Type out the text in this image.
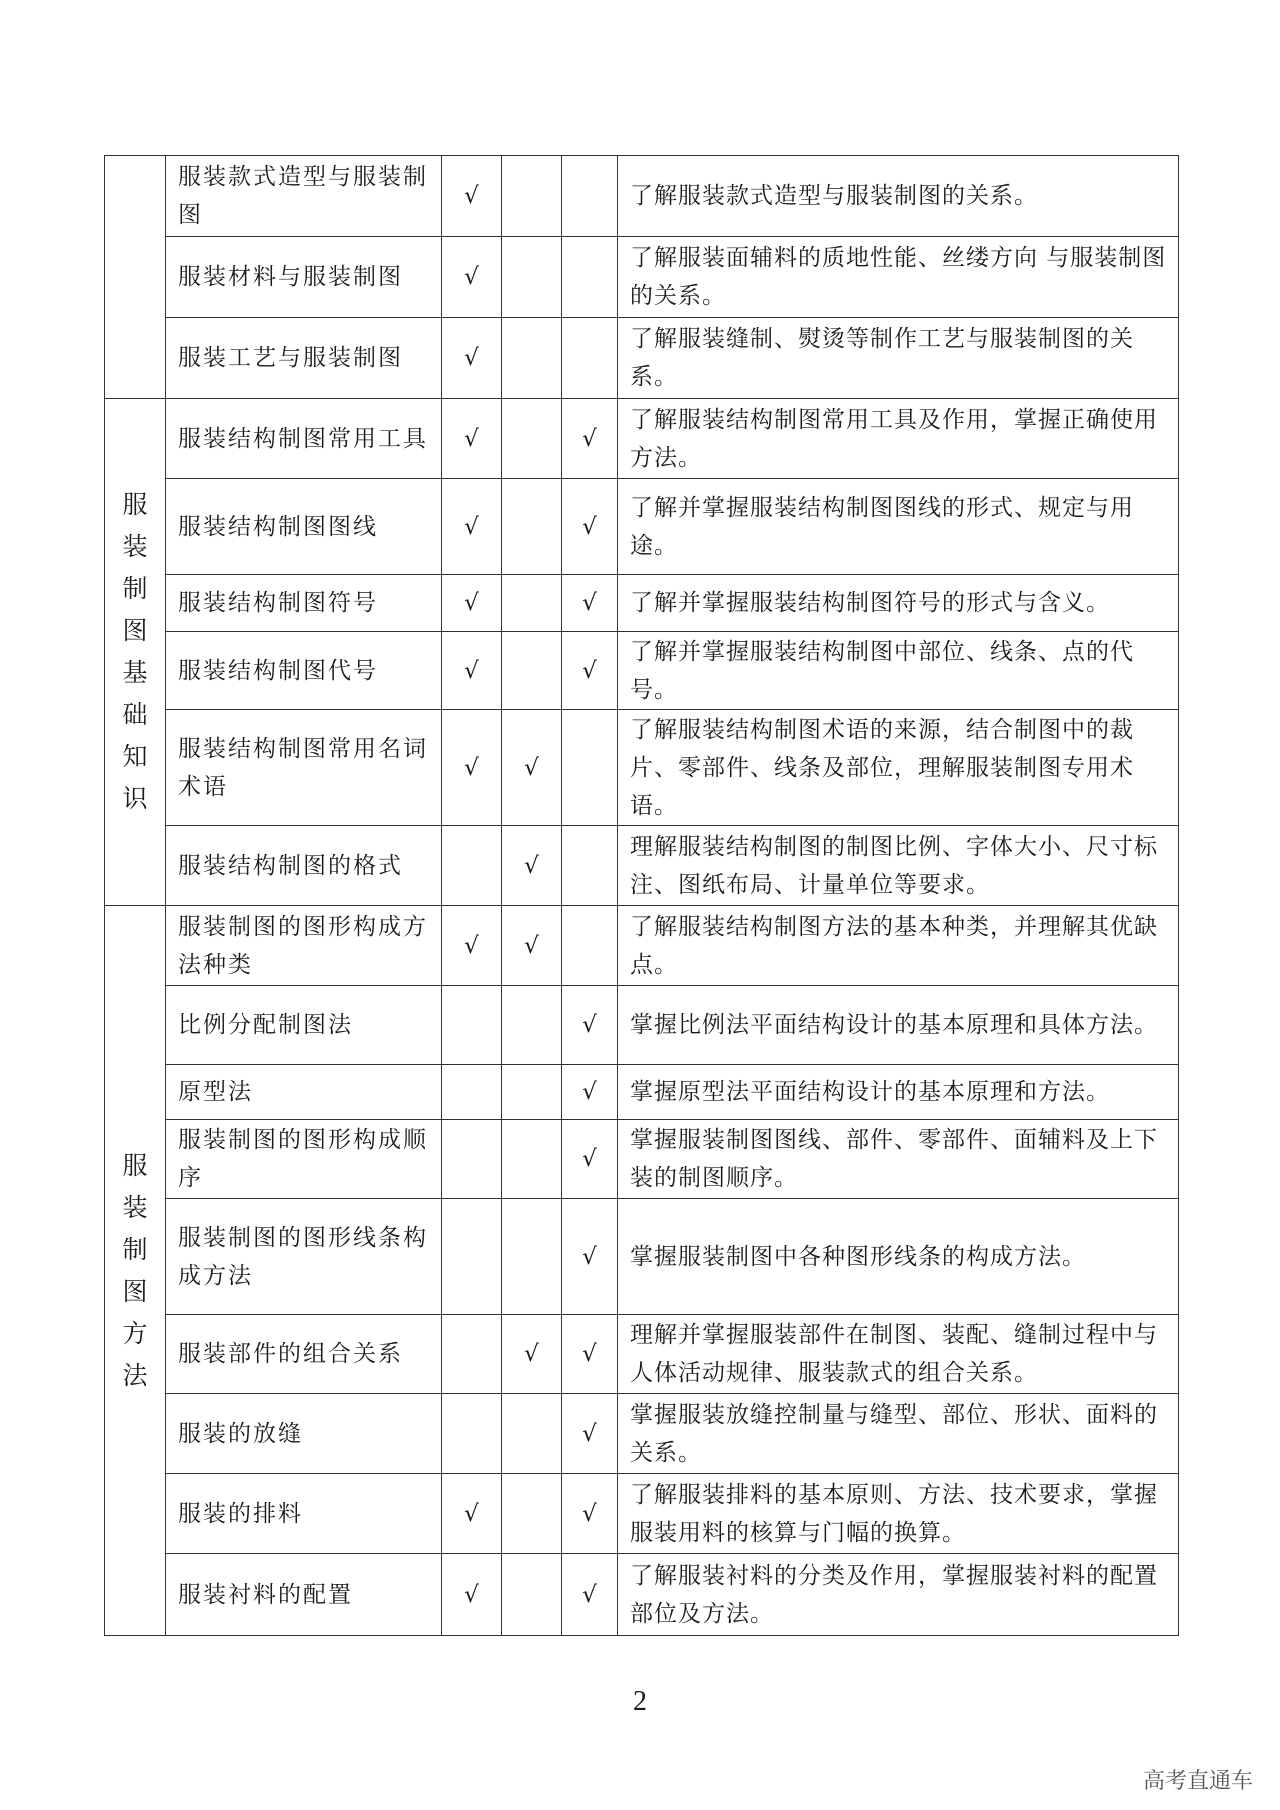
	服装款式造型与服装制图	√			了解服装款式造型与服装制图的关系。
	服装材料与服装制图	√			了解服装面辅料的质地性能、丝缕方向 与服装制图的关系。
	服装工艺与服装制图	√			了解服装缝制、熨烫等制作工艺与服装制图的关系。
服装制图基础知识	服装结构制图常用工具	√		√	了解服装结构制图常用工具及作用，掌握正确使用方法。
	服装结构制图图线	√		√	了解并掌握服装结构制图图线的形式、规定与用途。
	服装结构制图符号	√		√	了解并掌握服装结构制图符号的形式与含义。
	服装结构制图代号	√		√	了解并掌握服装结构制图中部位、线条、点的代号。
	服装结构制图常用名词术语	√	√		了解服装结构制图术语的来源，结合制图中的裁片、零部件、线条及部位，理解服装制图专用术语。
	服装结构制图的格式		√		理解服装结构制图的制图比例、字体大小、尺寸标注、图纸布局、计量单位等要求。
服装制图方法	服装制图的图形构成方法种类	√	√		了解服装结构制图方法的基本种类，并理解其优缺点。
	比例分配制图法			√	掌握比例法平面结构设计的基本原理和具体方法。
	原型法			√	掌握原型法平面结构设计的基本原理和方法。
	服装制图的图形构成顺序			√	掌握服装制图图线、部件、零部件、面辅料及上下装的制图顺序。
	服装制图的图形线条构成方法			√	掌握服装制图中各种图形线条的构成方法。
	服装部件的组合关系		√	√	理解并掌握服装部件在制图、装配、缝制过程中与人体活动规律、服装款式的组合关系。
	服装的放缝			√	掌握服装放缝控制量与缝型、部位、形状、面料的关系。
	服装的排料	√		√	了解服装排料的基本原则、方法、技术要求，掌握服装用料的核算与门幅的换算。
	服装衬料的配置	√		√	了解服装衬料的分类及作用，掌握服装衬料的配置部位及方法。
2
高考直通车
